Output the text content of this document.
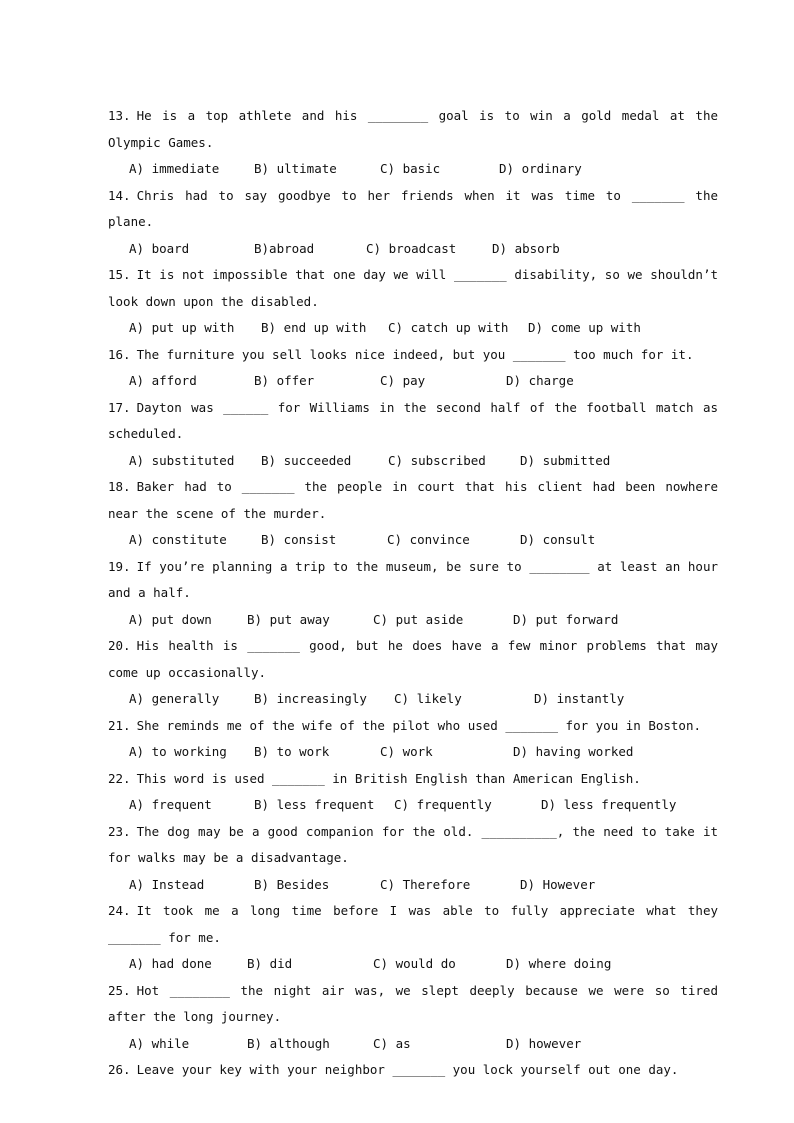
13. He is a top athlete and his ________ goal is to win a gold medal at the Olympic Games.

A) immediate	B) ultimate	C) basic	D) ordinary

14. Chris had to say goodbye to her friends when it was time to _______ the plane.

A) board	B)abroad	C) broadcast	D) absorb

15. It is not impossible that one day we will _______ disability, so we shouldn’t look down upon the disabled.

A) put up with B) end up with C) catch up with D) come up with

16. The furniture you sell looks nice indeed, but you _______ too much for it.

A) afford	B) offer	C) pay	D) charge

17. Dayton was ______ for Williams in the second half of the football match as scheduled.

A) substituted B) succeeded	C) subscribed	D) submitted

18. Baker had to _______ the people in court that his client had been nowhere near the scene of the murder.

A) constitute	B) consist	C) convince	D) consult

19. If you’re planning a trip to the museum, be sure to ________ at least an hour and a half.

A) put down	B) put away	C) put aside	D) put forward

20. His health is _______ good, but he does have a few minor problems that may come up occasionally.

A) generally	B) increasingly C) likely	D) instantly

21. She reminds me of the wife of the pilot who used _______ for you in Boston.

A) to working B) to work	C) work	D) having worked

22. This word is used _______ in British English than American English.

A) frequent	B) less frequent C) frequently	D) less frequently

23. The dog may be a good companion for the old. __________, the need to take it for walks may be a disadvantage.

A) Instead	B) Besides	C) Therefore	D) However

24. It took me a long time before I was able to fully appreciate what they _______ for me.

A) had done	B) did	C) would do	D) where doing

25. Hot ________ the night air was, we slept deeply because we were so tired after the long journey.

A) while	B) although	C) as	D) however

26. Leave your key with your neighbor _______ you lock yourself out one day.
